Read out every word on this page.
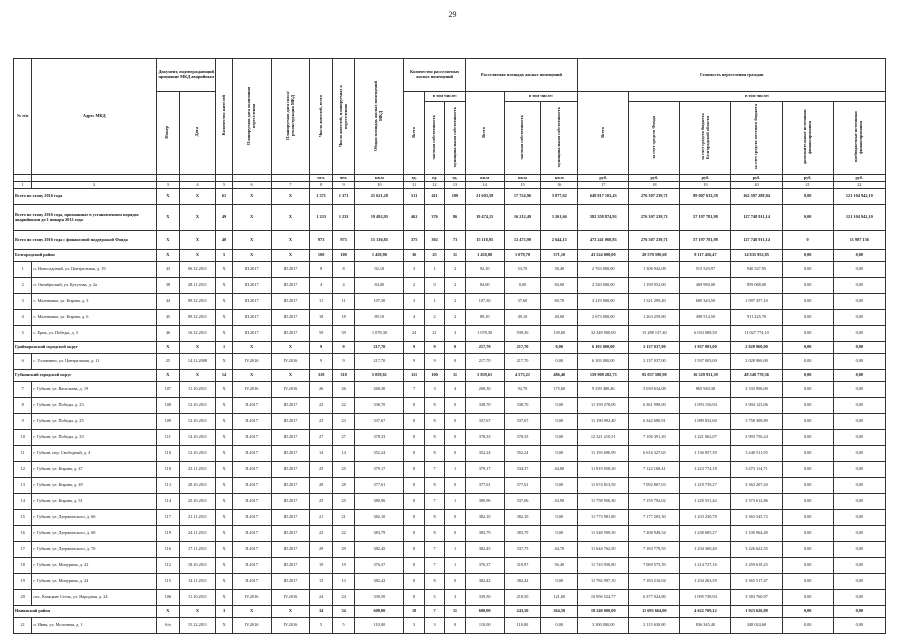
29
№ п/п	Адрес МКД	Документ, подтверждающий признание МКД аварийным		Количество жителей	Планируемая дата окончания переселения	Планируемая дата сноса/ реконструкции МКД	Число жителей, всего	Число жителей, планируемых к переселению	Общая площадь жилых помещений МКД	Количество расселяемых жилых помещений			Расселяемая площадь жилых помещений			Стоимость переселения граждан					
		Номер	Дата							Всего	в том числе:		Всего	в том числе:		Всего	в том числе:				
											частная собственность	муниципальная собственность		частная собственность	муниципальная собственность		за счет средств Фонда	за счет средств бюджета Белгородской области	за счет средств местного бюджета	дополнительные источники финансирования	внебюджетные источники финансирования
							чел.	чел.	кв.м	ед.	ед.	ед.	кв.м	кв.м	кв.м	руб.	руб.	руб.	руб.	руб.	руб.
1	2	3	4	5	6	7	8	9	10	11	12	13	14	15	16	17	18	19	20	21	22
Всего по этапу 2016 года		X	X	61	X	X	1 371	1 371	21 621,28	511	411	100	21 603,58	17 724,96	3 877,62	649 817 103,43	276 307 239,71	89 007 633,58	162 597 288,04	0,00	121 104 942,10
Всего по этапу 2016 года, признанные в установленном порядке аварийными до 1 января 2012 года		X	X	49	X	X	1 233	1 233	19 492,95	462	376	86	19 474,15	16 212,49	3 261,66	582 358 874,93	276 307 239,71	57 197 781,98	127 748 911,14	0,00	121 104 942,10
Всего по этапу 2016 года с финансовой поддержкой Фонда		X	X	40	X	X	973	973	15 136,85	375	302	73	15 118,05	12 473,90	2 644,15	473 241 068,83	276 307 239,71	57 197 781,98	127 748 911,14	0	11 987 136
Белгородский район		X	X	5	X	X	100	100	1 450,80	36	25	11	1 450,80	1 079,70	371,10	43 524 000,00	20 570 590,68	8 117 456,47	14 835 952,85	0,00	0,00
1	п. Новосадовый, ул. Центральная, д. 19	43	06.12.2011	X	III.2017	III.2017	8	8	92,10	3	1	2	92,10	53,70	38,40	2 763 000,00	1 306 942,08	515 529,97	940 527,95	0,00	0,00
2	п. Октябрьский, ул. Кутузова, д. 2а	38	28.11.2011	X	III.2017	III.2017	4	4	84,00	2	0	2	84,00	0,00	84,00	2 520 000,00	1 190 952,00	469 980,00	859 068,00	0,00	0,00
3	с. Малиновка, ул. Кирова, д. 3	44	09.12.2011	X	III.2017	III.2017	11	11	107,30	3	1	2	107,30	37,60	69,70	3 219 000,00	1 521 299,40	600 343,50	1 097 357,10	0,00	0,00
4	с. Малиновка, ул. Кирова, д. 6	45	09.12.2011	X	III.2017	III.2017	18	18	89,10	4	2	2	89,10	49,10	40,00	2 673 000,00	1 263 259,80	498 514,50	911 225,70	0,00	0,00
5	с. Ерик, ул. Победы, д. 3	46	16.12.2011	X	III.2017	III.2017	59	59	1 078,30	24	21	3	1 078,30	939,30	139,00	32 349 000,00	15 288 137,40	6 033 088,50	11 027 774,10	0,00	0,00
Грайворонский городской округ		X	X	1	X	X	9	9	217,70	9	9	0	217,70	217,70	0,00	6 103 000,00	2 137 037,00	1 937 003,00	2 028 960,00	0,00	0,00
6	с. Головчино, ул. Центральная, д. 11	25	14.11.2008	X	IV.2016	IV.2016	9	9	217,70	9	9	0	217,70	217,70	0,00	6 103 000,00	2 137 037,00	1 937 003,00	2 028 960,00	0,00	0,00
Губкинский городской округ		X	X	14	X	X	318	318	5 059,61	111	100	11	5 059,61	4 573,21	486,40	159 908 282,73	95 037 580,98	16 329 931,39	48 540 770,36	0,00	0,00
7	г. Губкин, ул. Васильева, д. 19	107	11.10.2011	X	IV.2016	IV.2016	26	26	268,30	7	3	4	268,30	92,70	175,60	9 239 480,46	5 039 634,08	865 940,38	3 333 906,00	0,00	0,00
8	г. Губкин, ул. Победы, д. 23	108	12.10.2011	X	II.2017	III.2017	22	22	338,70	8	8	0	338,70	338,70	0,00	11 359 278,00	6 361 998,00	1 093 156,94	3 904 123,06	0,00	0,00
9	г. Губкин, ул. Победы, д. 25	109	12.10.2011	X	II.2017	III.2017	23	23	337,67	8	8	0	337,67	337,67	0,00	11 190 992,40	6 342 680,91	1 089 832,60	3 758 308,89	0,00	0,00
10	г. Губкин, ул. Победы, д. 33	111	14.10.2011	X	II.2017	III.2017	27	27	378,33	8	8	0	378,33	378,33	0,00	12 321 210,51	7 106 391,20	1 221 062,07	3 993 756,24	0,00	0,00
11	г. Губкин, пер. Свободный, д. 4	110	12.10.2011	X	II.2017	III.2017	14	14	352,24	8	8	0	352,24	352,24	0,00	11 193 696,99	6 616 327,65	1 136 857,39	3 440 511,95	0,00	0,00
12	г. Губкин, ул. Кирова, д. 47	118	23.11.2011	X	II.2017	III.2017	25	25	379,17	8	7	1	379,17	334,37	44,80	11 819 058,30	7 122 168,41	1 223 774,18	3 473 114,71	0,00	0,00
13	г. Губкин, ул. Кирова, д. 49	113	20.10.2011	X	II.2017	III.2017	28	28	377,61	8	8	0	377,61	377,61	0,00	11 674 813,50	7 092 867,03	1 218 739,27	3 363 207,20	0,00	0,00
14	г. Губкин, ул. Кирова, д. 51	114	25.10.2011	X	II.2017	III.2017	25	25	380,96	8	7	1	380,96	337,06	43,90	11 758 956,30	7 155 792,02	1 229 551,42	3 373 612,86	0,00	0,00
15	г. Губкин, ул. Дзержинского, д. 66	117	21.11.2011	X	II.2017	III.2017	21	21	382,10	8	8	0	382,10	382,10	0,00	11 773 981,80	7 177 205,30	1 233 230,78	3 363 545,72	0,00	0,00
16	г. Губкин, ул. Дзержинского, д. 68	119	24.11.2011	X	II.2017	III.2017	22	22	383,79	8	8	0	383,79	383,79	0,00	11 548 599,30	7 208 949,54	1 238 685,27	3 100 964,49	0,00	0,00
17	г. Губкин, ул. Дзержинского, д. 70	116	17.11.2011	X	II.2017	III.2017	29	29	382,45	8	7	1	382,45	337,75	44,70	11 644 762,50	7 183 779,55	1 234 360,40	3 226 622,55	0,00	0,00
18	г. Губкин, ул. Мичурина, д. 22	112	18.10.2011	X	II.2017	III.2017	19	19	376,37	8	7	1	376,37	319,97	56,40	11 743 930,80	7 069 575,39	1 214 737,16	3 459 618,25	0,00	0,00
19	г. Губкин, ул. Мичурина, д. 24	115	14.11.2011	X	II.2017	III.2017	13	13	382,42	8	8	0	382,42	382,42	0,00	11 782 997,10	7 183 216,04	1 234 263,59	3 365 517,47	0,00	0,00
20	пос. Казацкие Степь, ул. Народная, д. 24	106	11.10.2011	X	IV.2016	IV.2016	24	24	339,50	8	5	3	339,50	218,50	121,00	10 856 524,77	6 377 024,86	1 095 738,94	3 383 760,97	0,00	0,00
Ивнянский район		X	X	3	X	X	34	34	608,00	18	7	11	608,00	243,50	364,50	18 240 000,00	11 693 664,00	4 622 709,12	1 923 626,88	0,00	0,00
21	п. Ивня, ул. Молочная, д. 1	б/н	15.12.2011	X	IV.2016	IV.2016	5	5	110,00	3	3	0	110,00	110,00	0,00	3 300 000,00	2 115 630,00	836 345,40	348 024,60	0,00	0,00
